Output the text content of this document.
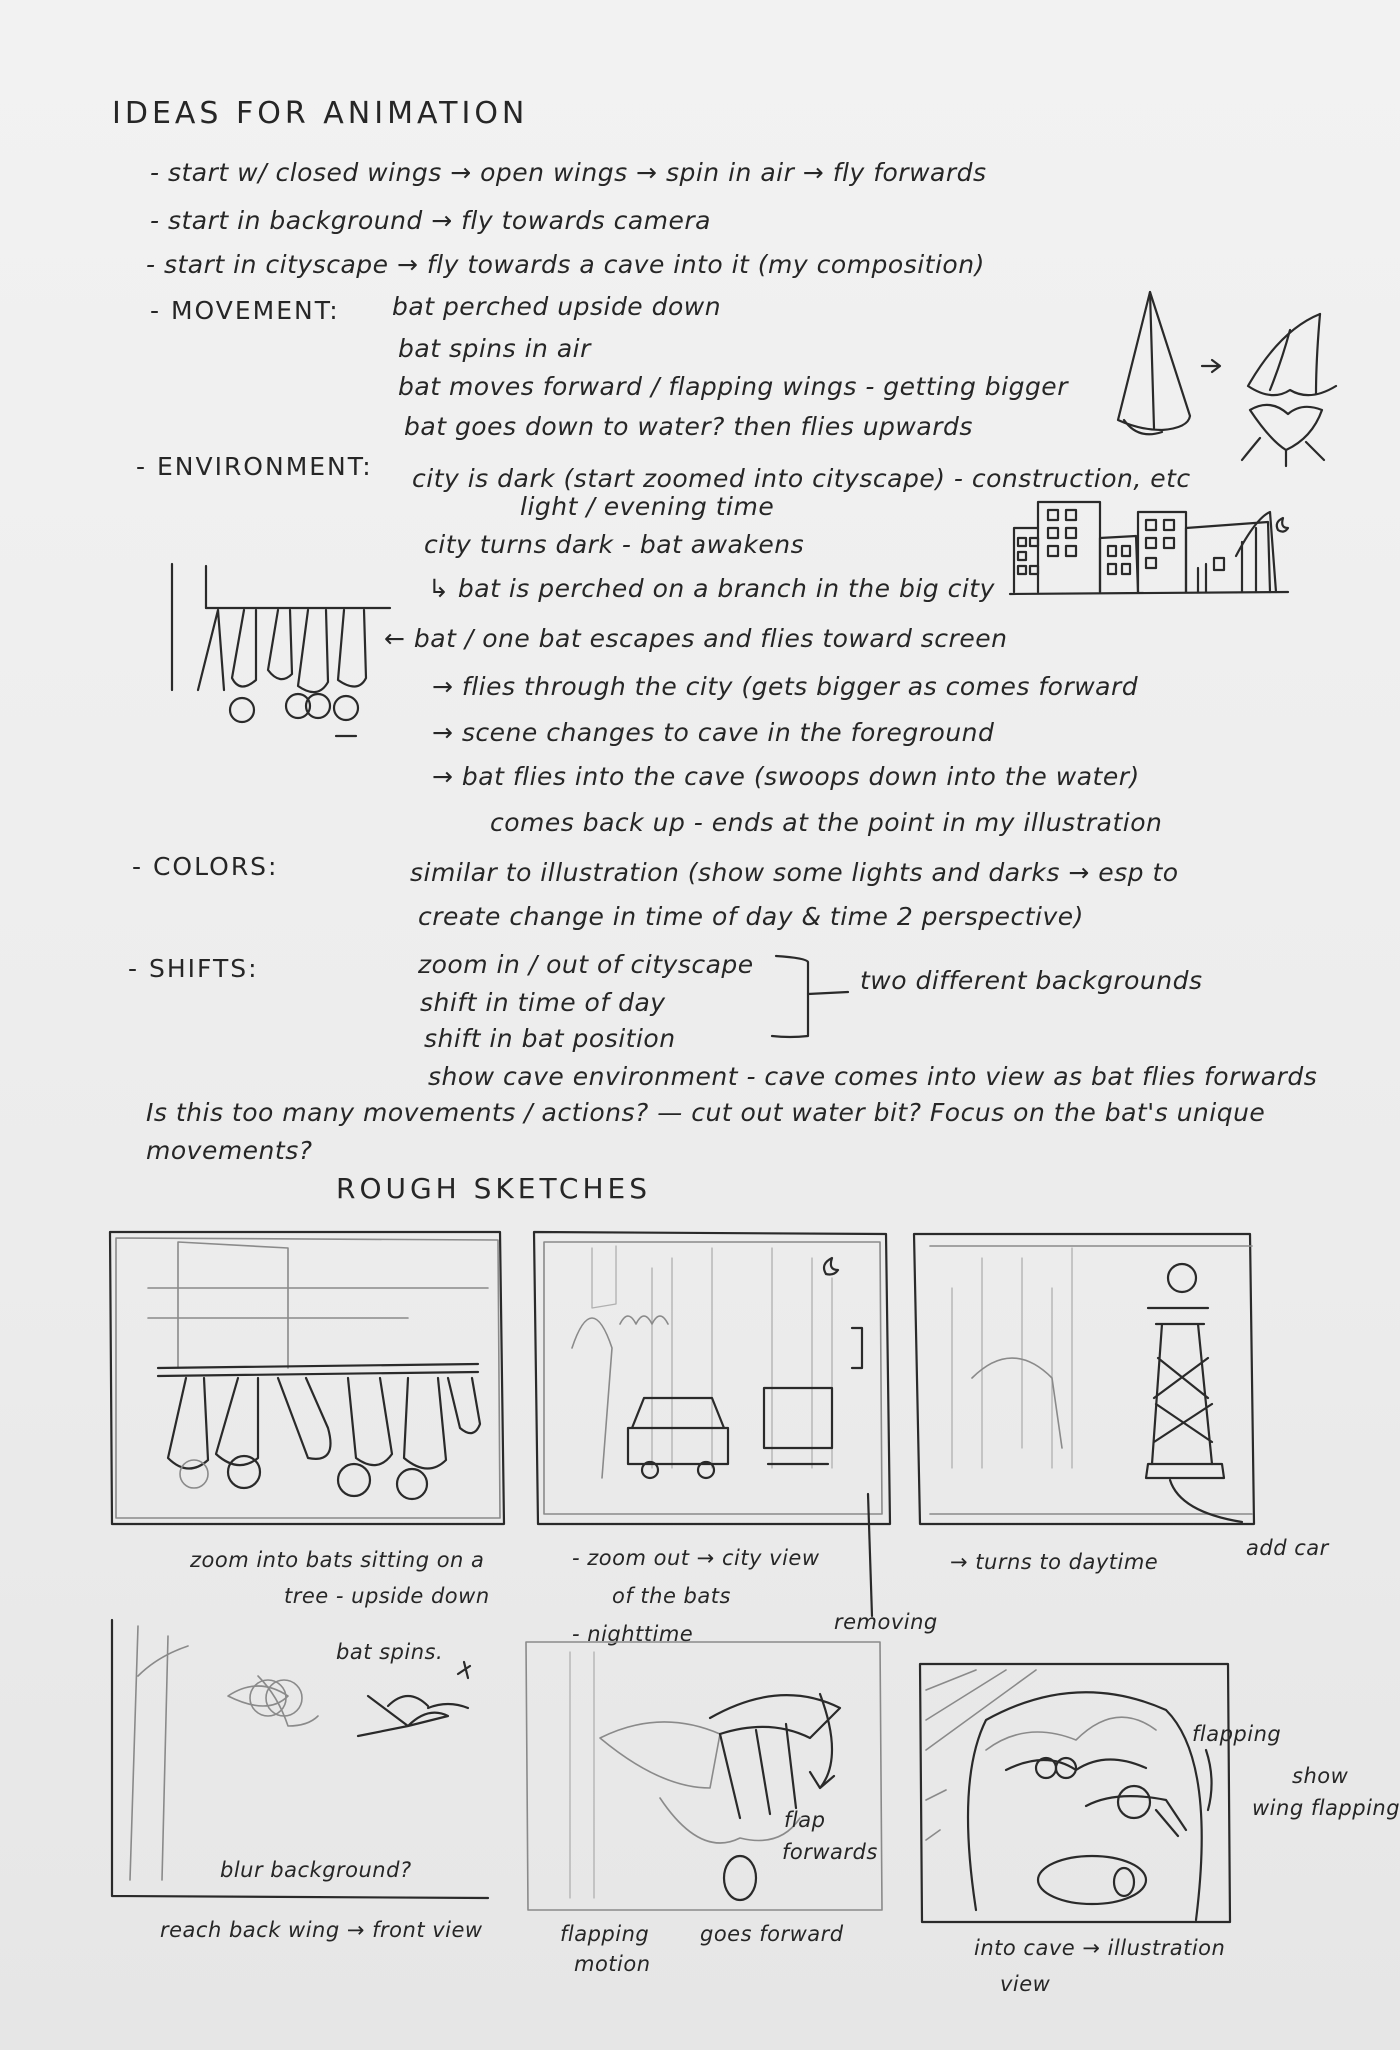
IDEAS FOR ANIMATION
- start w/ closed wings → open wings → spin in air → fly forwards
- start in background → fly towards camera
- start in cityscape → fly towards a cave into it (my composition)
- MOVEMENT: bat perched upside down
bat spins in air
bat moves forward / flapping wings - getting bigger
bat goes down to water? then flies upwards
- ENVIRONMENT: city is dark (start zoomed into cityscape) - construction, etc
light / evening time
city turns dark - bat awakens
↳ bat is perched on a branch in the big city
← bat / one bat escapes and flies toward screen
→ flies through the city (gets bigger as comes forward
→ scene changes to cave in the foreground
→ bat flies into the cave (swoops down into the water)
comes back up - ends at the point in my illustration
- COLORS:	similar to illustration (show some lights and darks → esp to
create change in time of day & time 2 perspective)
- SHIFTS:	zoom in / out of cityscape
shift in time of day
shift in bat position
show cave environment - cave comes into view as bat flies forwards
two different backgrounds
Is this too many movements / actions? — cut out water bit? Focus on the bat's unique
movements?
ROUGH SKETCHES
zoom into bats sitting on a
tree - upside down
- zoom out → city view
of the bats
- nighttime	removing
→ turns to daytime
add car
bat spins.
blur background?
reach back wing → front view
flap
forwards
flapping
motion
goes forward
flapping
show
wing flapping
into cave → illustration
view
